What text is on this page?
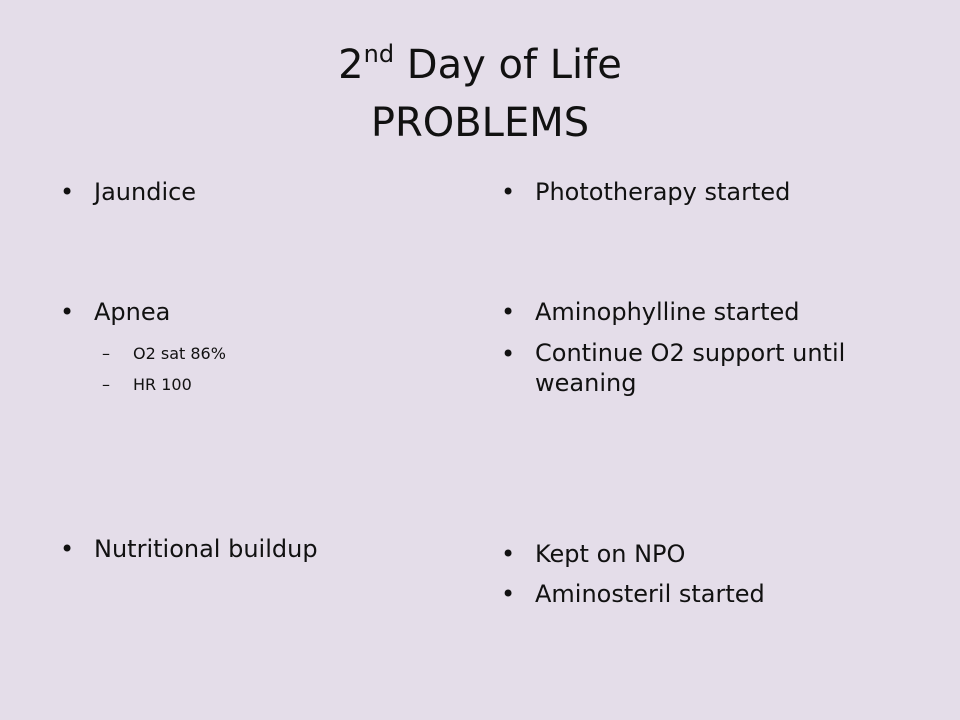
2nd Day of Life
PROBLEMS
• Jaundice
• Apnea
– O2 sat 86%
– HR 100
• Nutritional buildup
• Phototherapy started
• Aminophylline started
• Continue O2 support until weaning
• Kept on NPO
• Aminosteril started
